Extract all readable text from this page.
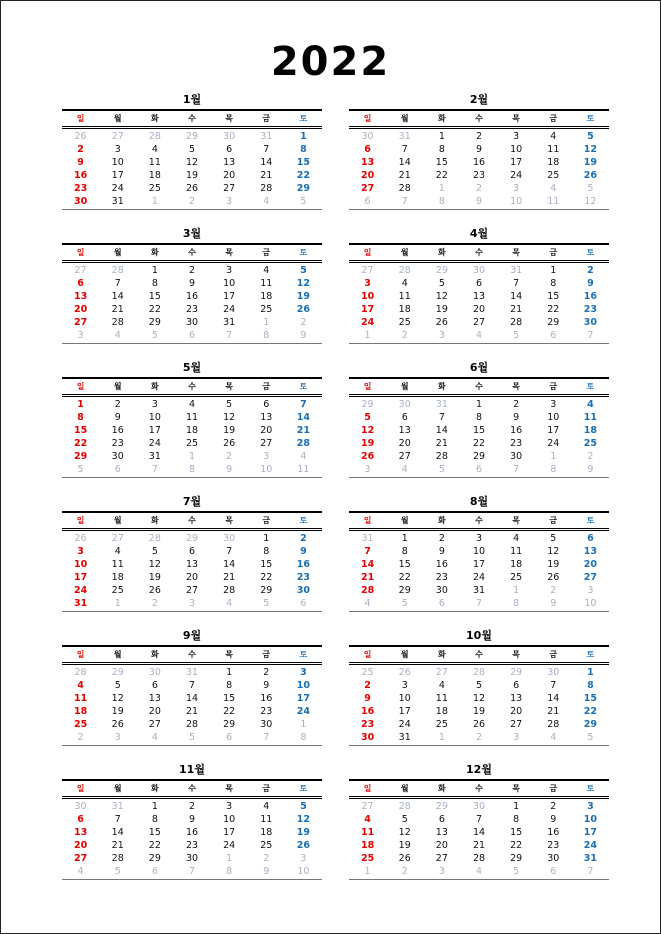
2022
1월
일	월	화	수	목	금	토
26	27	28	29	30	31	1
2	3	4	5	6	7	8
9	10	11	12	13	14	15
16	17	18	19	20	21	22
23	24	25	26	27	28	29
30	31	1	2	3	4	5
2월
일	월	화	수	목	금	토
30	31	1	2	3	4	5
6	7	8	9	10	11	12
13	14	15	16	17	18	19
20	21	22	23	24	25	26
27	28	1	2	3	4	5
6	7	8	9	10	11	12
3월
일	월	화	수	목	금	토
27	28	1	2	3	4	5
6	7	8	9	10	11	12
13	14	15	16	17	18	19
20	21	22	23	24	25	26
27	28	29	30	31	1	2
3	4	5	6	7	8	9
4월
일	월	화	수	목	금	토
27	28	29	30	31	1	2
3	4	5	6	7	8	9
10	11	12	13	14	15	16
17	18	19	20	21	22	23
24	25	26	27	28	29	30
1	2	3	4	5	6	7
5월
일	월	화	수	목	금	토
1	2	3	4	5	6	7
8	9	10	11	12	13	14
15	16	17	18	19	20	21
22	23	24	25	26	27	28
29	30	31	1	2	3	4
5	6	7	8	9	10	11
6월
일	월	화	수	목	금	토
29	30	31	1	2	3	4
5	6	7	8	9	10	11
12	13	14	15	16	17	18
19	20	21	22	23	24	25
26	27	28	29	30	1	2
3	4	5	6	7	8	9
7월
일	월	화	수	목	금	토
26	27	28	29	30	1	2
3	4	5	6	7	8	9
10	11	12	13	14	15	16
17	18	19	20	21	22	23
24	25	26	27	28	29	30
31	1	2	3	4	5	6
8월
일	월	화	수	목	금	토
31	1	2	3	4	5	6
7	8	9	10	11	12	13
14	15	16	17	18	19	20
21	22	23	24	25	26	27
28	29	30	31	1	2	3
4	5	6	7	8	9	10
9월
일	월	화	수	목	금	토
28	29	30	31	1	2	3
4	5	6	7	8	9	10
11	12	13	14	15	16	17
18	19	20	21	22	23	24
25	26	27	28	29	30	1
2	3	4	5	6	7	8
10월
일	월	화	수	목	금	토
25	26	27	28	29	30	1
2	3	4	5	6	7	8
9	10	11	12	13	14	15
16	17	18	19	20	21	22
23	24	25	26	27	28	29
30	31	1	2	3	4	5
11월
일	월	화	수	목	금	토
30	31	1	2	3	4	5
6	7	8	9	10	11	12
13	14	15	16	17	18	19
20	21	22	23	24	25	26
27	28	29	30	1	2	3
4	5	6	7	8	9	10
12월
일	월	화	수	목	금	토
27	28	29	30	1	2	3
4	5	6	7	8	9	10
11	12	13	14	15	16	17
18	19	20	21	22	23	24
25	26	27	28	29	30	31
1	2	3	4	5	6	7
